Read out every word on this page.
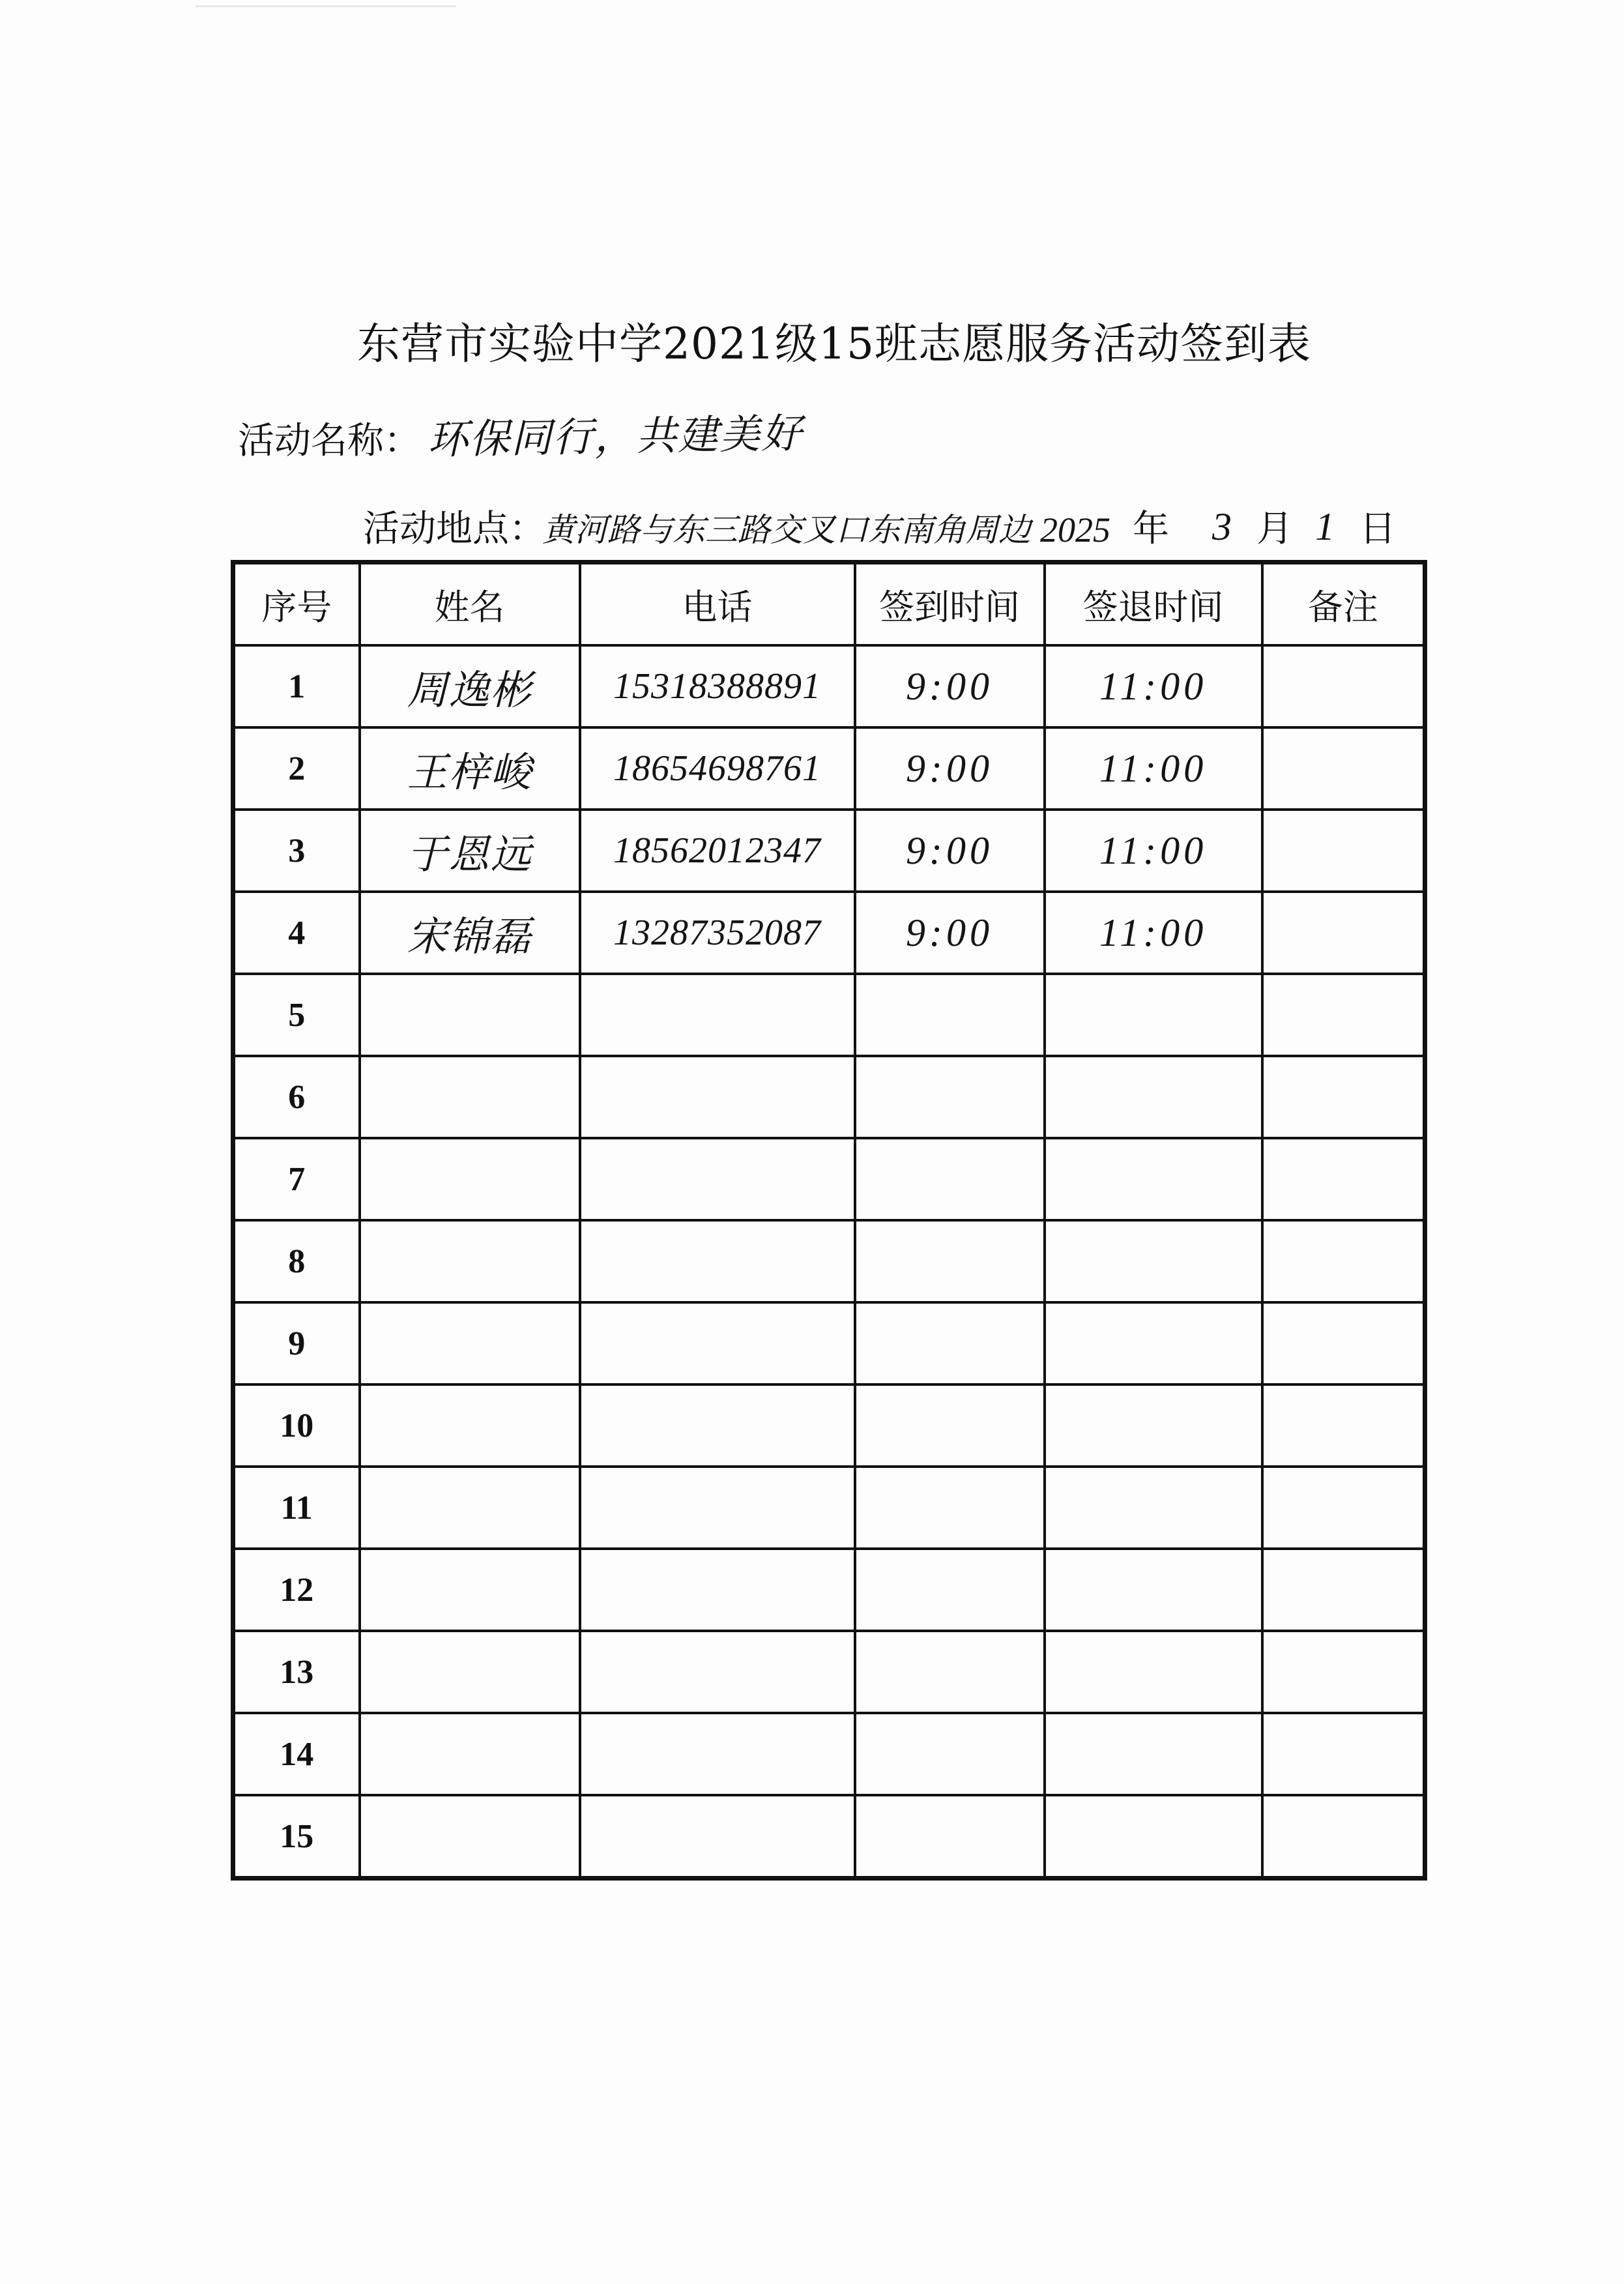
东营市实验中学2021级15班志愿服务活动签到表
活动名称： 环保同行，共建美好
活动地点：
黄河路与东三路交叉口东南角周边 2025 年 3 月 1 日
序号	姓名	电话	签到时间	签退时间	备注
1	周逸彬	15318388891	9:00	11:00	
2	王梓峻	18654698761	9:00	11:00	
3	于恩远	18562012347	9:00	11:00	
4	宋锦磊	13287352087	9:00	11:00	
5					
6					
7					
8					
9					
10					
11					
12					
13					
14					
15					
